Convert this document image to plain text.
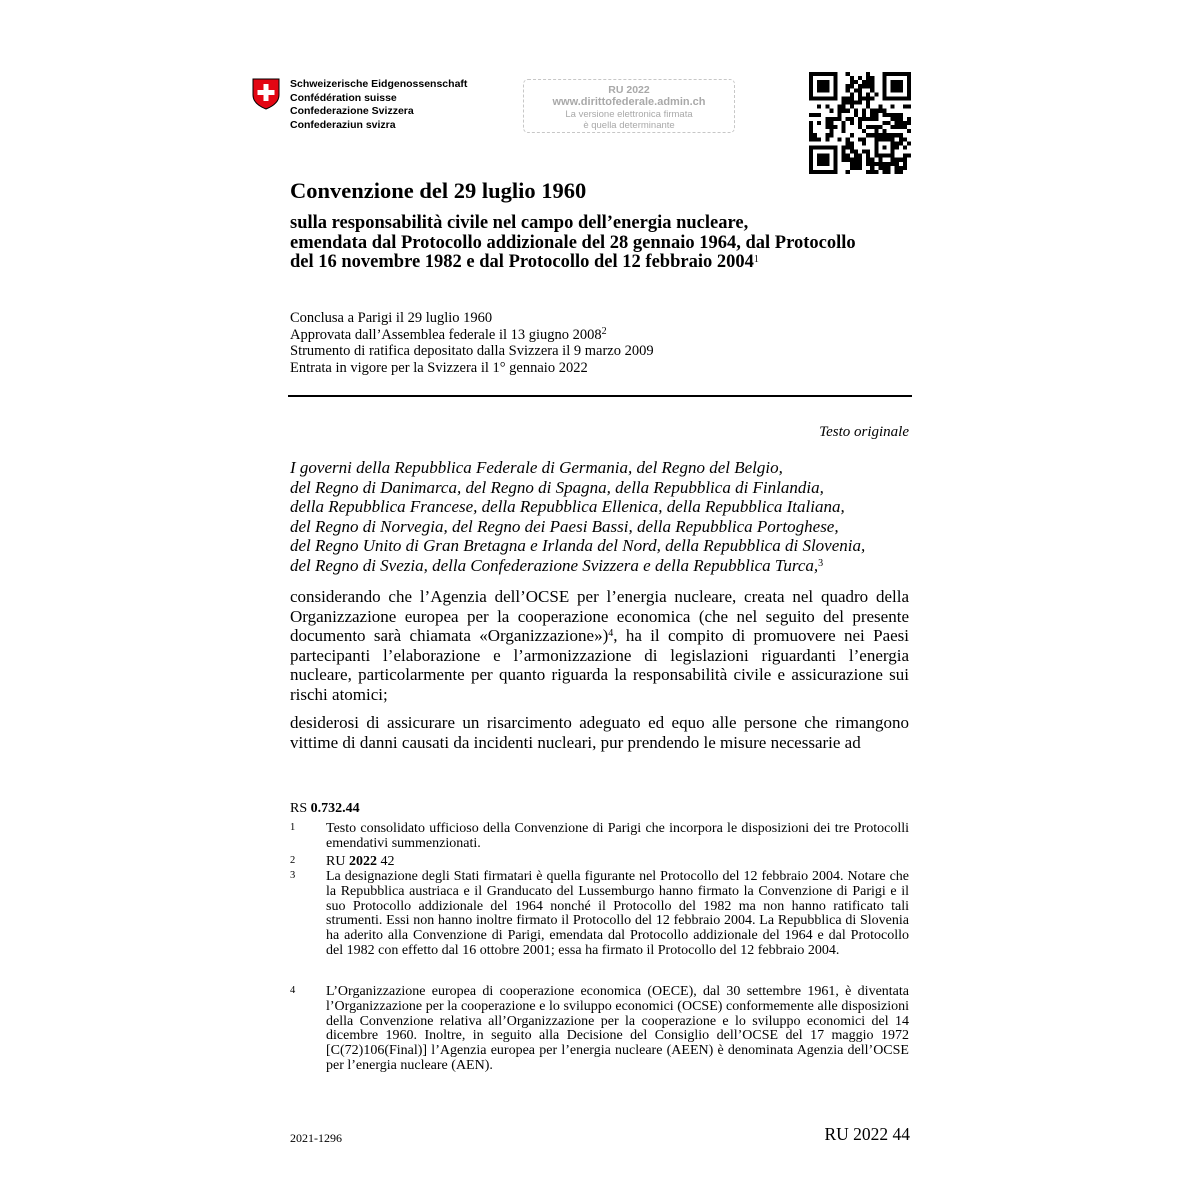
Schweizerische Eidgenossenschaft
Confédération suisse
Confederazione Svizzera
Confederaziun svizra
RU 2022
www.dirittofederale.admin.ch
La versione elettronica firmata
è quella determinante
Convenzione del 29 luglio 1960
sulla responsabilità civile nel campo dell’energia nucleare,
emendata dal Protocollo addizionale del 28 gennaio 1964, dal Protocollo
del 16 novembre 1982 e dal Protocollo del 12 febbraio 2004$^1$
Conclusa a Parigi il 29 luglio 1960
Approvata dall’Assemblea federale il 13 giugno 2008$^2$
Strumento di ratifica depositato dalla Svizzera il 9 marzo 2009
Entrata in vigore per la Svizzera il 1° gennaio 2022
Testo originale
I governi della Repubblica Federale di Germania, del Regno del Belgio,
del Regno di Danimarca, del Regno di Spagna, della Repubblica di Finlandia,
della Repubblica Francese, della Repubblica Ellenica, della Repubblica Italiana,
del Regno di Norvegia, del Regno dei Paesi Bassi, della Repubblica Portoghese,
del Regno Unito di Gran Bretagna e Irlanda del Nord, della Repubblica di Slovenia,
del Regno di Svezia, della Confederazione Svizzera e della Repubblica Turca,$^3$
considerando che l’Agenzia dell’OCSE per l’energia nucleare, creata nel quadro della Organizzazione europea per la cooperazione economica (che nel seguito del presente documento sarà chiamata «Organizzazione»)$^4$, ha il compito di promuovere nei Paesi partecipanti l’elaborazione e l’armonizzazione di legislazioni riguardanti l’energia nucleare, particolarmente per quanto riguarda la responsabilità civile e assicurazione sui rischi atomici;
desiderosi di assicurare un risarcimento adeguato ed equo alle persone che rimangono vittime di danni causati da incidenti nucleari, pur prendendo le misure necessarie ad
RS 0.732.44
1 Testo consolidato ufficioso della Convenzione di Parigi che incorpora le disposizioni dei tre Protocolli emendativi summenzionati.
2 RU 2022 42
3 La designazione degli Stati firmatari è quella figurante nel Protocollo del 12 febbraio 2004. Notare che la Repubblica austriaca e il Granducato del Lussemburgo hanno firmato la Convenzione di Parigi e il suo Protocollo addizionale del 1964 nonché il Protocollo del 1982 ma non hanno ratificato tali strumenti. Essi non hanno inoltre firmato il Protocollo del 12 febbraio 2004. La Repubblica di Slovenia ha aderito alla Convenzione di Parigi, emendata dal Protocollo addizionale del 1964 e dal Protocollo del 1982 con effetto dal 16 ottobre 2001; essa ha firmato il Protocollo del 12 febbraio 2004.
4 L’Organizzazione europea di cooperazione economica (OECE), dal 30 settembre 1961, è diventata l’Organizzazione per la cooperazione e lo sviluppo economici (OCSE) conformemente alle disposizioni della Convenzione relativa all’Organizzazione per la cooperazione e lo sviluppo economici del 14 dicembre 1960. Inoltre, in seguito alla Decisione del Consiglio dell’OCSE del 17 maggio 1972 [C(72)106(Final)] l’Agenzia europea per l’energia nucleare (AEEN) è denominata Agenzia dell’OCSE per l’energia nucleare (AEN).
2021-1296	RU 2022 44
